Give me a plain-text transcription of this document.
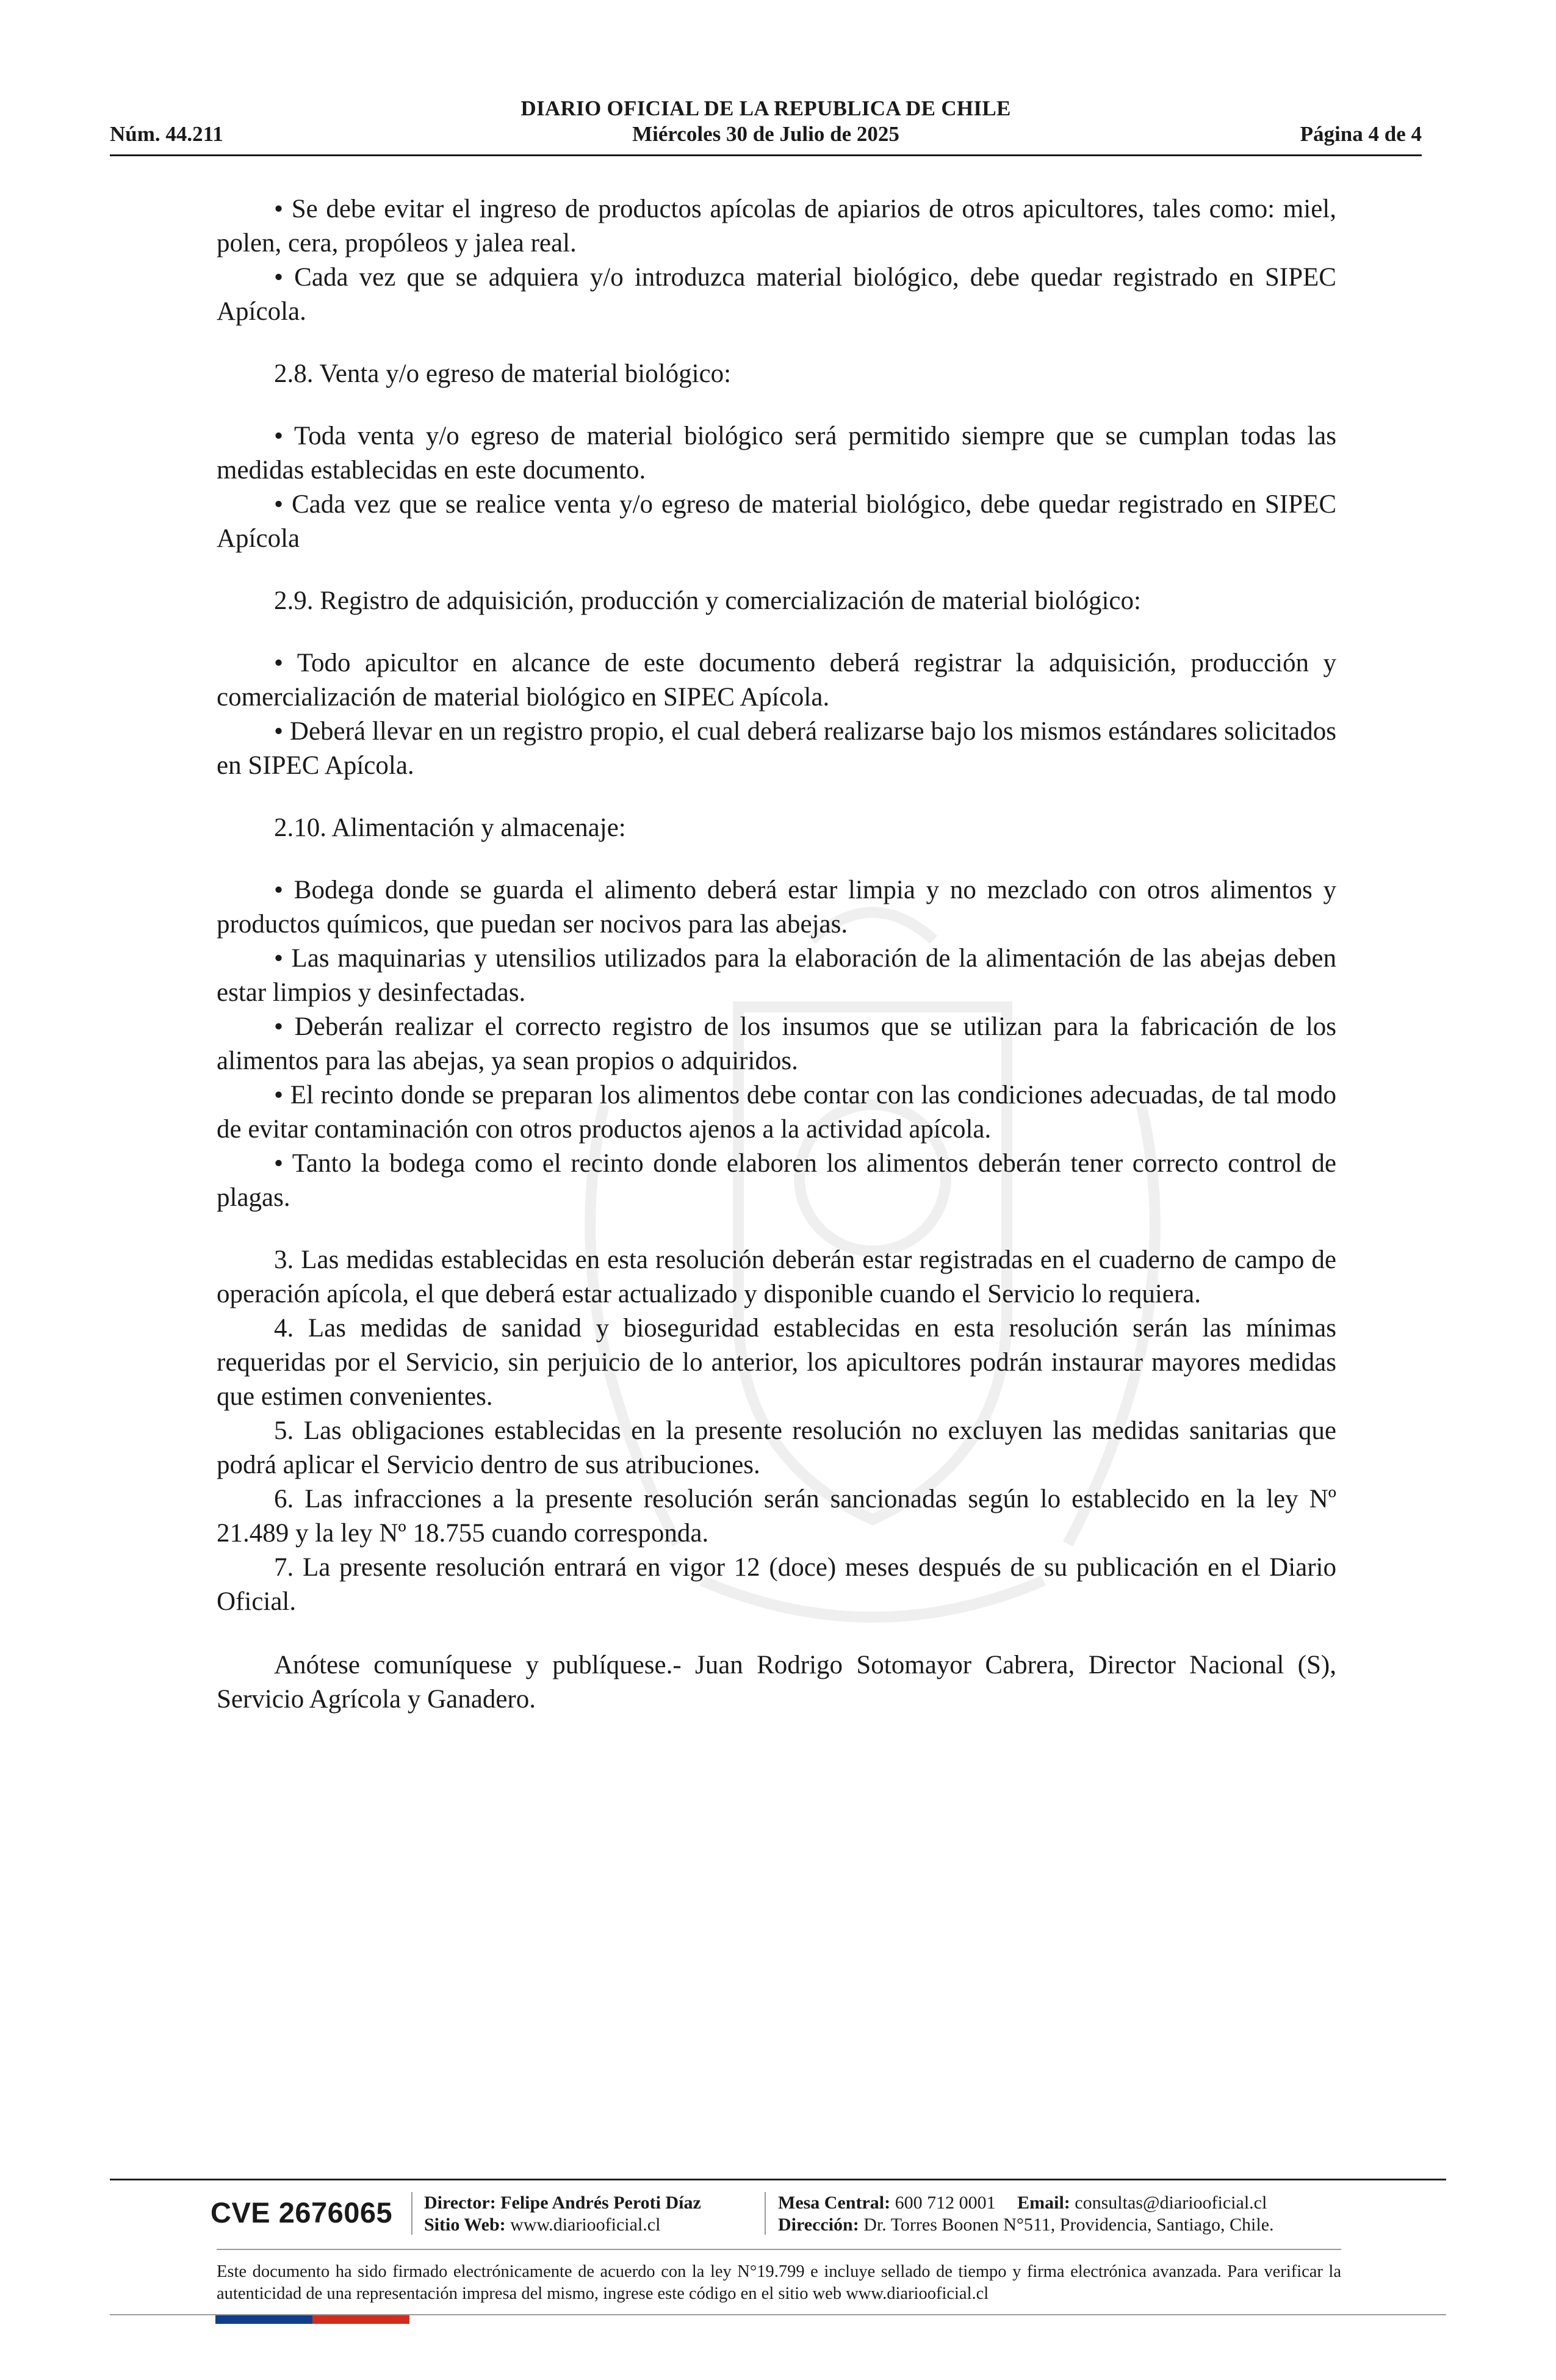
DIARIO OFICIAL DE LA REPUBLICA DE CHILE
Núm. 44.211	Miércoles 30 de Julio de 2025	Página 4 de 4

• Se debe evitar el ingreso de productos apícolas de apiarios de otros apicultores, tales como: miel, polen, cera, propóleos y jalea real.

• Cada vez que se adquiera y/o introduzca material biológico, debe quedar registrado en SIPEC Apícola.

2.8. Venta y/o egreso de material biológico:

• Toda venta y/o egreso de material biológico será permitido siempre que se cumplan todas las medidas establecidas en este documento.

• Cada vez que se realice venta y/o egreso de material biológico, debe quedar registrado en SIPEC Apícola

2.9. Registro de adquisición, producción y comercialización de material biológico:

• Todo apicultor en alcance de este documento deberá registrar la adquisición, producción y comercialización de material biológico en SIPEC Apícola.

• Deberá llevar en un registro propio, el cual deberá realizarse bajo los mismos estándares solicitados en SIPEC Apícola.

2.10. Alimentación y almacenaje:

• Bodega donde se guarda el alimento deberá estar limpia y no mezclado con otros alimentos y productos químicos, que puedan ser nocivos para las abejas.

• Las maquinarias y utensilios utilizados para la elaboración de la alimentación de las abejas deben estar limpios y desinfectadas.

• Deberán realizar el correcto registro de los insumos que se utilizan para la fabricación de los alimentos para las abejas, ya sean propios o adquiridos.

• El recinto donde se preparan los alimentos debe contar con las condiciones adecuadas, de tal modo de evitar contaminación con otros productos ajenos a la actividad apícola.

• Tanto la bodega como el recinto donde elaboren los alimentos deberán tener correcto control de plagas.

3. Las medidas establecidas en esta resolución deberán estar registradas en el cuaderno de campo de operación apícola, el que deberá estar actualizado y disponible cuando el Servicio lo requiera.

4. Las medidas de sanidad y bioseguridad establecidas en esta resolución serán las mínimas requeridas por el Servicio, sin perjuicio de lo anterior, los apicultores podrán instaurar mayores medidas que estimen convenientes.

5. Las obligaciones establecidas en la presente resolución no excluyen las medidas sanitarias que podrá aplicar el Servicio dentro de sus atribuciones.

6. Las infracciones a la presente resolución serán sancionadas según lo establecido en la ley Nº 21.489 y la ley Nº 18.755 cuando corresponda.

7. La presente resolución entrará en vigor 12 (doce) meses después de su publicación en el Diario Oficial.

Anótese comuníquese y publíquese.- Juan Rodrigo Sotomayor Cabrera, Director Nacional (S), Servicio Agrícola y Ganadero.

CVE 2676065 Director: Felipe Andrés Peroti Díaz
Sitio Web: www.diariooficial.cl
Mesa Central: 600 712 0001 Email: consultas@diariooficial.cl
Dirección: Dr. Torres Boonen N°511, Providencia, Santiago, Chile.
Este documento ha sido firmado electrónicamente de acuerdo con la ley N°19.799 e incluye sellado de tiempo y firma electrónica avanzada. Para verificar la autenticidad de una representación impresa del mismo, ingrese este código en el sitio web www.diariooficial.cl
